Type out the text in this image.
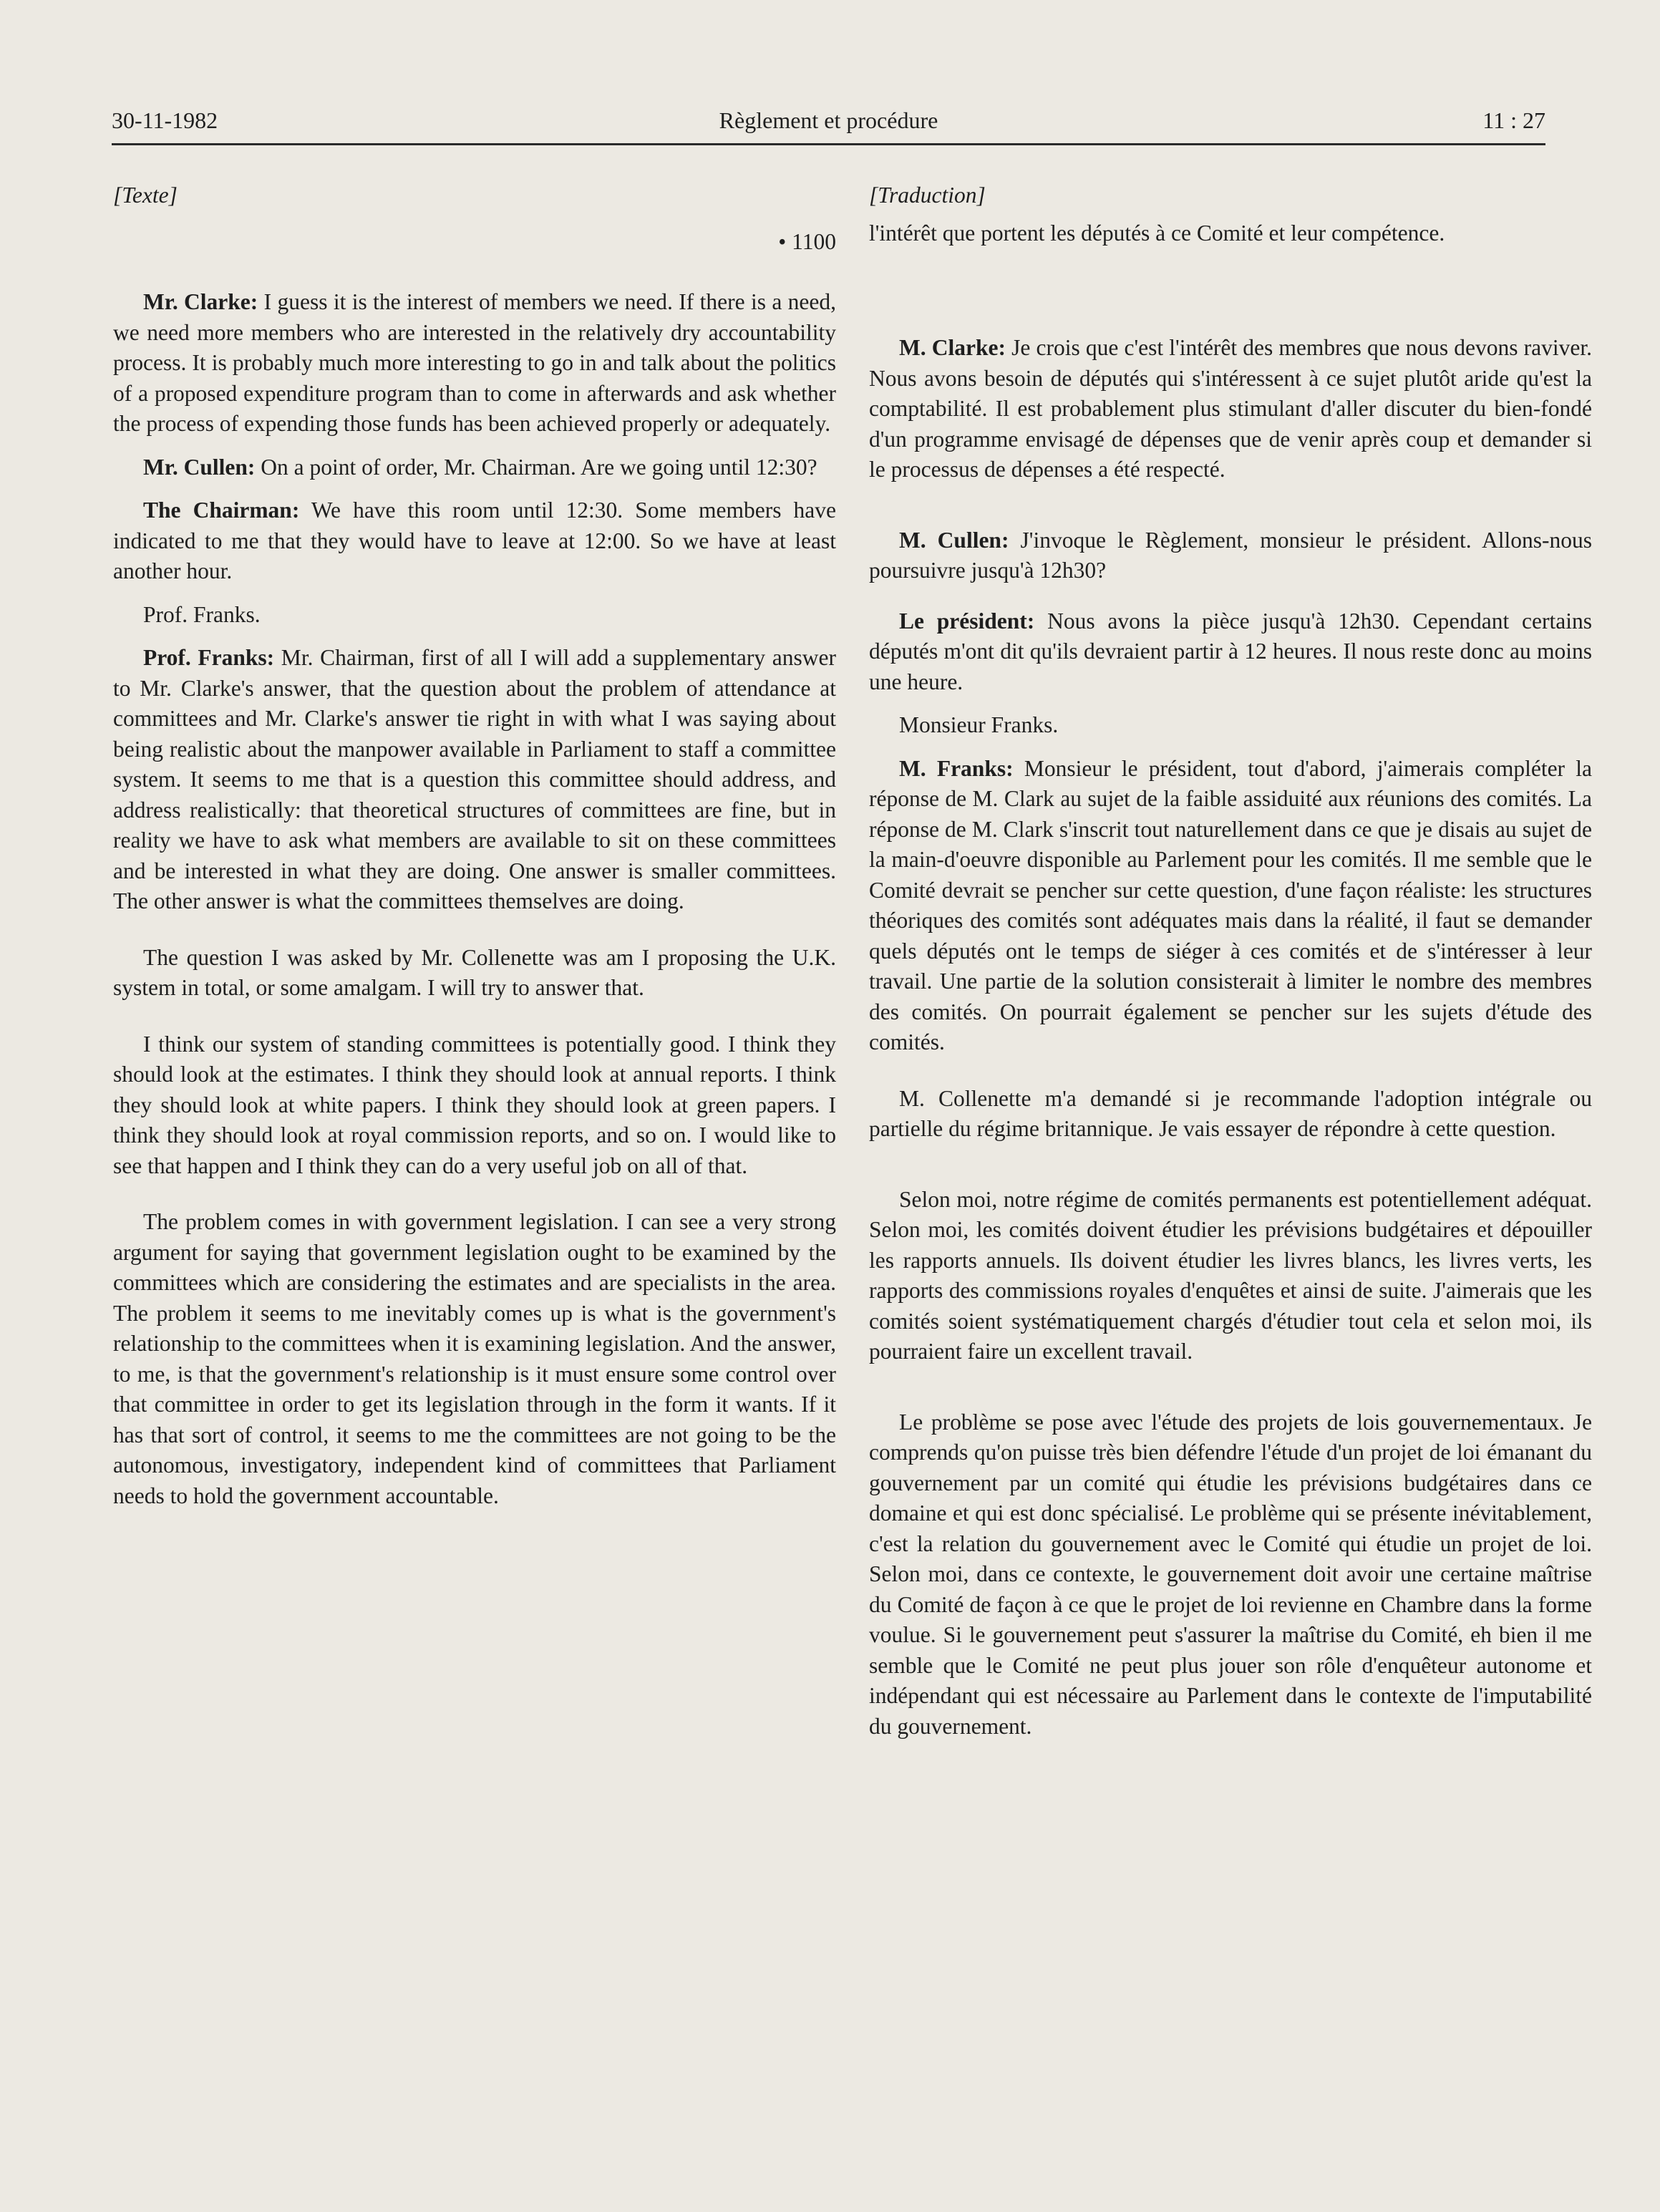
30-11-1982	Règlement et procédure	11 : 27

[Texte]

• 1100

Mr. Clarke: I guess it is the interest of members we need. If there is a need, we need more members who are interested in the relatively dry accountability process. It is probably much more interesting to go in and talk about the politics of a proposed expenditure program than to come in afterwards and ask whether the process of expending those funds has been achieved properly or adequately.

Mr. Cullen: On a point of order, Mr. Chairman. Are we going until 12:30?

The Chairman: We have this room until 12:30. Some members have indicated to me that they would have to leave at 12:00. So we have at least another hour.

Prof. Franks.

Prof. Franks: Mr. Chairman, first of all I will add a supplementary answer to Mr. Clarke's answer, that the question about the problem of attendance at committees and Mr. Clarke's answer tie right in with what I was saying about being realistic about the manpower available in Parliament to staff a committee system. It seems to me that is a question this committee should address, and address realistically: that theoretical structures of committees are fine, but in reality we have to ask what members are available to sit on these committees and be interested in what they are doing. One answer is smaller committees. The other answer is what the committees themselves are doing.

The question I was asked by Mr. Collenette was am I proposing the U.K. system in total, or some amalgam. I will try to answer that.

I think our system of standing committees is potentially good. I think they should look at the estimates. I think they should look at annual reports. I think they should look at white papers. I think they should look at green papers. I think they should look at royal commission reports, and so on. I would like to see that happen and I think they can do a very useful job on all of that.

The problem comes in with government legislation. I can see a very strong argument for saying that government legislation ought to be examined by the committees which are considering the estimates and are specialists in the area. The problem it seems to me inevitably comes up is what is the government's relationship to the committees when it is examining legislation. And the answer, to me, is that the government's relationship is it must ensure some control over that committee in order to get its legislation through in the form it wants. If it has that sort of control, it seems to me the committees are not going to be the autonomous, investigatory, independent kind of committees that Parliament needs to hold the government accountable.

[Traduction]

l'intérêt que portent les députés à ce Comité et leur compétence.

M. Clarke: Je crois que c'est l'intérêt des membres que nous devons raviver. Nous avons besoin de députés qui s'intéressent à ce sujet plutôt aride qu'est la comptabilité. Il est probablement plus stimulant d'aller discuter du bien-fondé d'un programme envisagé de dépenses que de venir après coup et demander si le processus de dépenses a été respecté.

M. Cullen: J'invoque le Règlement, monsieur le président. Allons-nous poursuivre jusqu'à 12h30?

Le président: Nous avons la pièce jusqu'à 12h30. Cependant certains députés m'ont dit qu'ils devraient partir à 12 heures. Il nous reste donc au moins une heure.

Monsieur Franks.

M. Franks: Monsieur le président, tout d'abord, j'aimerais compléter la réponse de M. Clark au sujet de la faible assiduité aux réunions des comités. La réponse de M. Clark s'inscrit tout naturellement dans ce que je disais au sujet de la main-d'oeuvre disponible au Parlement pour les comités. Il me semble que le Comité devrait se pencher sur cette question, d'une façon réaliste: les structures théoriques des comités sont adéquates mais dans la réalité, il faut se demander quels députés ont le temps de siéger à ces comités et de s'intéresser à leur travail. Une partie de la solution consisterait à limiter le nombre des membres des comités. On pourrait également se pencher sur les sujets d'étude des comités.

M. Collenette m'a demandé si je recommande l'adoption intégrale ou partielle du régime britannique. Je vais essayer de répondre à cette question.

Selon moi, notre régime de comités permanents est potentiellement adéquat. Selon moi, les comités doivent étudier les prévisions budgétaires et dépouiller les rapports annuels. Ils doivent étudier les livres blancs, les livres verts, les rapports des commissions royales d'enquêtes et ainsi de suite. J'aimerais que les comités soient systématiquement chargés d'étudier tout cela et selon moi, ils pourraient faire un excellent travail.

Le problème se pose avec l'étude des projets de lois gouvernementaux. Je comprends qu'on puisse très bien défendre l'étude d'un projet de loi émanant du gouvernement par un comité qui étudie les prévisions budgétaires dans ce domaine et qui est donc spécialisé. Le problème qui se présente inévitablement, c'est la relation du gouvernement avec le Comité qui étudie un projet de loi. Selon moi, dans ce contexte, le gouvernement doit avoir une certaine maîtrise du Comité de façon à ce que le projet de loi revienne en Chambre dans la forme voulue. Si le gouvernement peut s'assurer la maîtrise du Comité, eh bien il me semble que le Comité ne peut plus jouer son rôle d'enquêteur autonome et indépendant qui est nécessaire au Parlement dans le contexte de l'imputabilité du gouvernement.
